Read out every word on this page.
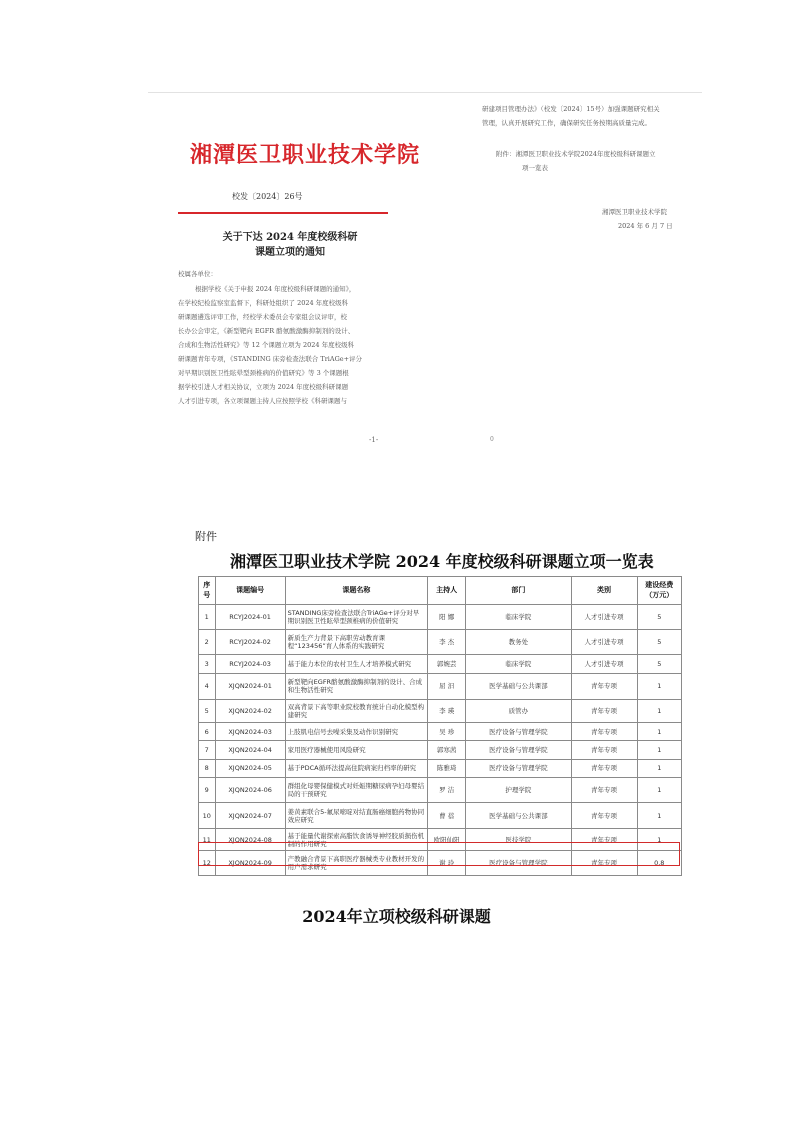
湘潭医卫职业技术学院
校发〔2024〕26号
关于下达 2024 年度校级科研
课题立项的通知
校属各单位：
根据学校《关于申报 2024 年度校级科研课题的通知》，
在学校纪检监察室监督下，科研处组织了 2024 年度校级科
研课题遴选评审工作，经校学术委员会专家组会议评审，校
长办公会审定，《新型靶向 EGFR 酪氨酸激酶抑制剂的设计、
合成和生物活性研究》等 12 个课题立项为 2024 年度校级科
研课题青年专项，《STANDING 床旁检查法联合 TriAGe+评分
对早期识别医卫性眩晕型颈椎病的价值研究》等 3 个课题根
据学校引进人才相关协议，立项为 2024 年度校级科研课题
人才引进专项，各立项课题主持人应按照学校《科研课题与
-1-
研建项目管理办法》（校发〔2024〕15号）加强课题研究相关
管理，认真开展研究工作，确保研究任务按期高质量完成。
附件：湘潭医卫职业技术学院2024年度校级科研课题立
项一览表
湘潭医卫职业技术学院
2024 年 6 月 7 日
0
附件
湘潭医卫职业技术学院 2024 年度校级科研课题立项一览表
序号	课题编号	课题名称	主持人	部门	类别	建设经费
（万元）
1	RCYJ2024-01	STANDING床旁检查法联合TriAGe+评分对早期识别医卫性眩晕型颈椎病的价值研究	阳 娜	临床学院	人才引进专项	5
2	RCYJ2024-02	新质生产力背景下高职劳动教育课程“123456”育人体系的实践研究	李 杰	教务处	人才引进专项	5
3	RCYJ2024-03	基于能力本位的农村卫生人才培养模式研究	郭婉芸	临床学院	人才引进专项	5
4	XJQN2024-01	新型靶向EGFR酪氨酸激酶抑制剂的设计、合成和生物活性研究	屈 汩	医学基础与公共课部	青年专项	1
5	XJQN2024-02	双高背景下高等职业院校教育统计自动化模型构建研究	李 瑛	质管办	青年专项	1
6	XJQN2024-03	上肢肌电信号去噪采集及动作识别研究	吴 珍	医疗设备与管理学院	青年专项	1
7	XJQN2024-04	家用医疗器械使用风险研究	郭寒茜	医疗设备与管理学院	青年专项	1
8	XJQN2024-05	基于PDCA循环法提高住院病案归档率的研究	陈雅琦	医疗设备与管理学院	青年专项	1
9	XJQN2024-06	群组化母婴保健模式对妊娠期糖尿病孕妇母婴结局的干预研究	罗 洁	护理学院	青年专项	1
10	XJQN2024-07	姜黄素联合5-氟尿嘧啶对结直肠癌细胞药物协同效应研究	曹 蓓	医学基础与公共课部	青年专项	1
11	XJQN2024-08	基于能量代谢探索高脂饮食诱导神经胶质损伤机制的作用研究	欧阳仙阳	医技学院	青年专项	1
12	XJQN2024-09	产教融合背景下高职医疗器械类专业教材开发的用户需求研究	谢 玲	医疗设备与管理学院	青年专项	0.8
2024年立项校级科研课题
